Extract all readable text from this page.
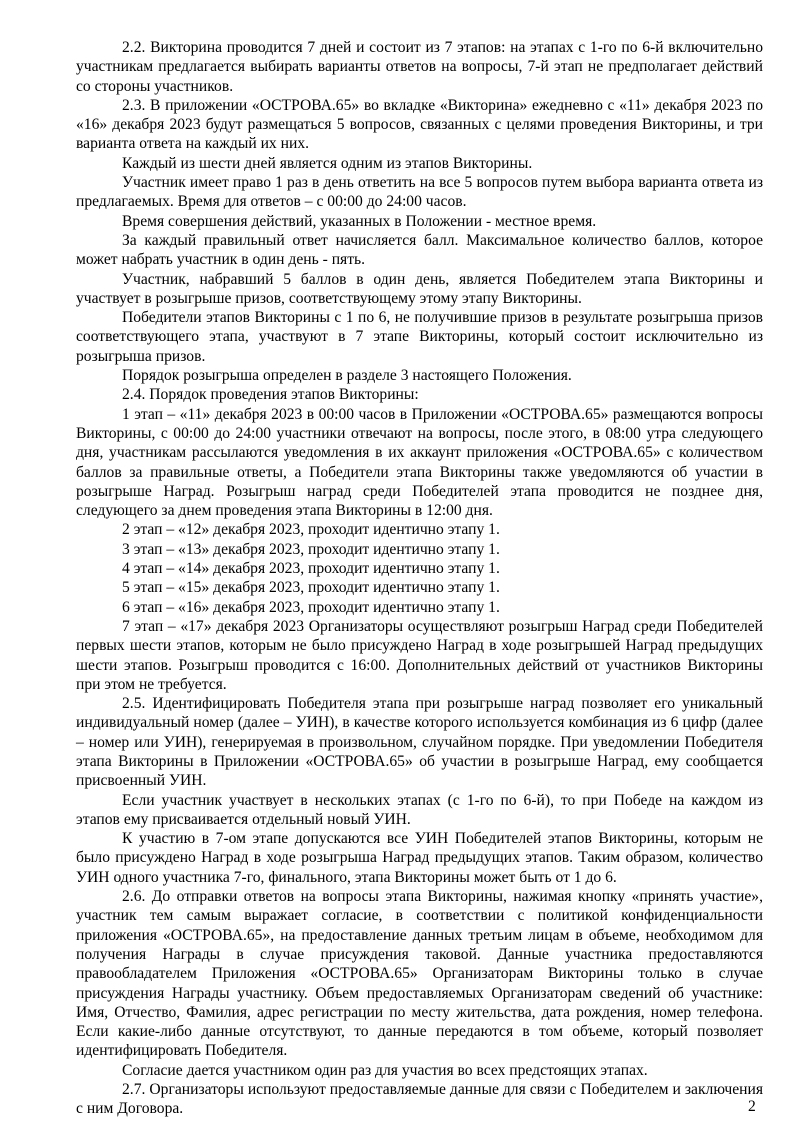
2.2. Викторина проводится 7 дней и состоит из 7 этапов: на этапах с 1-го по 6-й включительно участникам предлагается выбирать варианты ответов на вопросы, 7-й этап не предполагает действий со стороны участников.

2.3. В приложении «ОСТРОВА.65» во вкладке «Викторина» ежедневно с «11» декабря 2023 по «16» декабря 2023 будут размещаться 5 вопросов, связанных с целями проведения Викторины, и три варианта ответа на каждый их них.

Каждый из шести дней является одним из этапов Викторины.

Участник имеет право 1 раз в день ответить на все 5 вопросов путем выбора варианта ответа из предлагаемых. Время для ответов – с 00:00 до 24:00 часов.

Время совершения действий, указанных в Положении - местное время.

За каждый правильный ответ начисляется балл. Максимальное количество баллов, которое может набрать участник в один день - пять.

Участник, набравший 5 баллов в один день, является Победителем этапа Викторины и участвует в розыгрыше призов, соответствующему этому этапу Викторины.

Победители этапов Викторины с 1 по 6, не получившие призов в результате розыгрыша призов соответствующего этапа, участвуют в 7 этапе Викторины, который состоит исключительно из розыгрыша призов.

Порядок розыгрыша определен в разделе 3 настоящего Положения.

2.4. Порядок проведения этапов Викторины:

1 этап – «11» декабря 2023 в 00:00 часов в Приложении «ОСТРОВА.65» размещаются вопросы Викторины, с 00:00 до 24:00 участники отвечают на вопросы, после этого, в 08:00 утра следующего дня, участникам рассылаются уведомления в их аккаунт приложения «ОСТРОВА.65» с количеством баллов за правильные ответы, а Победители этапа Викторины также уведомляются об участии в розыгрыше Наград. Розыгрыш наград среди Победителей этапа проводится не позднее дня, следующего за днем проведения этапа Викторины в 12:00 дня.

2 этап – «12» декабря 2023, проходит идентично этапу 1.

3 этап – «13» декабря 2023, проходит идентично этапу 1.

4 этап – «14» декабря 2023, проходит идентично этапу 1.

5 этап – «15» декабря 2023, проходит идентично этапу 1.

6 этап – «16» декабря 2023, проходит идентично этапу 1.

7 этап – «17» декабря 2023 Организаторы осуществляют розыгрыш Наград среди Победителей первых шести этапов, которым не было присуждено Наград в ходе розыгрышей Наград предыдущих шести этапов. Розыгрыш проводится с 16:00. Дополнительных действий от участников Викторины при этом не требуется.

2.5. Идентифицировать Победителя этапа при розыгрыше наград позволяет его уникальный индивидуальный номер (далее – УИН), в качестве которого используется комбинация из 6 цифр (далее – номер или УИН), генерируемая в произвольном, случайном порядке. При уведомлении Победителя этапа Викторины в Приложении «ОСТРОВА.65» об участии в розыгрыше Наград, ему сообщается присвоенный УИН.

Если участник участвует в нескольких этапах (с 1-го по 6-й), то при Победе на каждом из этапов ему присваивается отдельный новый УИН.

К участию в 7-ом этапе допускаются все УИН Победителей этапов Викторины, которым не было присуждено Наград в ходе розыгрыша Наград предыдущих этапов. Таким образом, количество УИН одного участника 7-го, финального, этапа Викторины может быть от 1 до 6.

2.6. До отправки ответов на вопросы этапа Викторины, нажимая кнопку «принять участие», участник тем самым выражает согласие, в соответствии с политикой конфиденциальности приложения «ОСТРОВА.65», на предоставление данных третьим лицам в объеме, необходимом для получения Награды в случае присуждения таковой. Данные участника предоставляются правообладателем Приложения «ОСТРОВА.65» Организаторам Викторины только в случае присуждения Награды участнику. Объем предоставляемых Организаторам сведений об участнике: Имя, Отчество, Фамилия, адрес регистрации по месту жительства, дата рождения, номер телефона. Если какие-либо данные отсутствуют, то данные передаются в том объеме, который позволяет идентифицировать Победителя.

Согласие дается участником один раз для участия во всех предстоящих этапах.

2.7. Организаторы используют предоставляемые данные для связи с Победителем и заключения с ним Договора.	2
